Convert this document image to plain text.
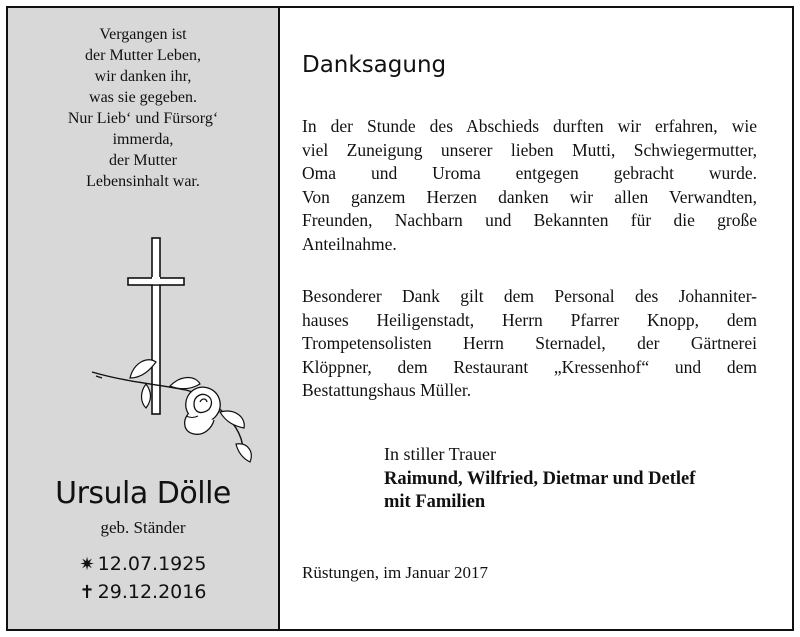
Vergangen ist
der Mutter Leben,
wir danken ihr,
was sie gegeben.
Nur Lieb‘ und Fürsorg‘
immerda,
der Mutter
Lebensinhalt war.
Ursula Dölle
geb. Ständer
✷ 12.07.1925
✝ 29.12.2016
Danksagung
In der Stunde des Abschieds durften wir erfahren, wie
viel Zuneigung unserer lieben Mutti, Schwiegermutter,
Oma und Uroma entgegen gebracht wurde.
Von ganzem Herzen danken wir allen Verwandten,
Freunden, Nachbarn und Bekannten für die große
Anteilnahme.
Besonderer Dank gilt dem Personal des Johanniter-
hauses Heiligenstadt, Herrn Pfarrer Knopp, dem
Trompetensolisten Herrn Sternadel, der Gärtnerei
Klöppner, dem Restaurant „Kressenhof“ und dem
Bestattungshaus Müller.
In stiller Trauer
Raimund, Wilfried, Dietmar und Detlef
mit Familien
Rüstungen, im Januar 2017
